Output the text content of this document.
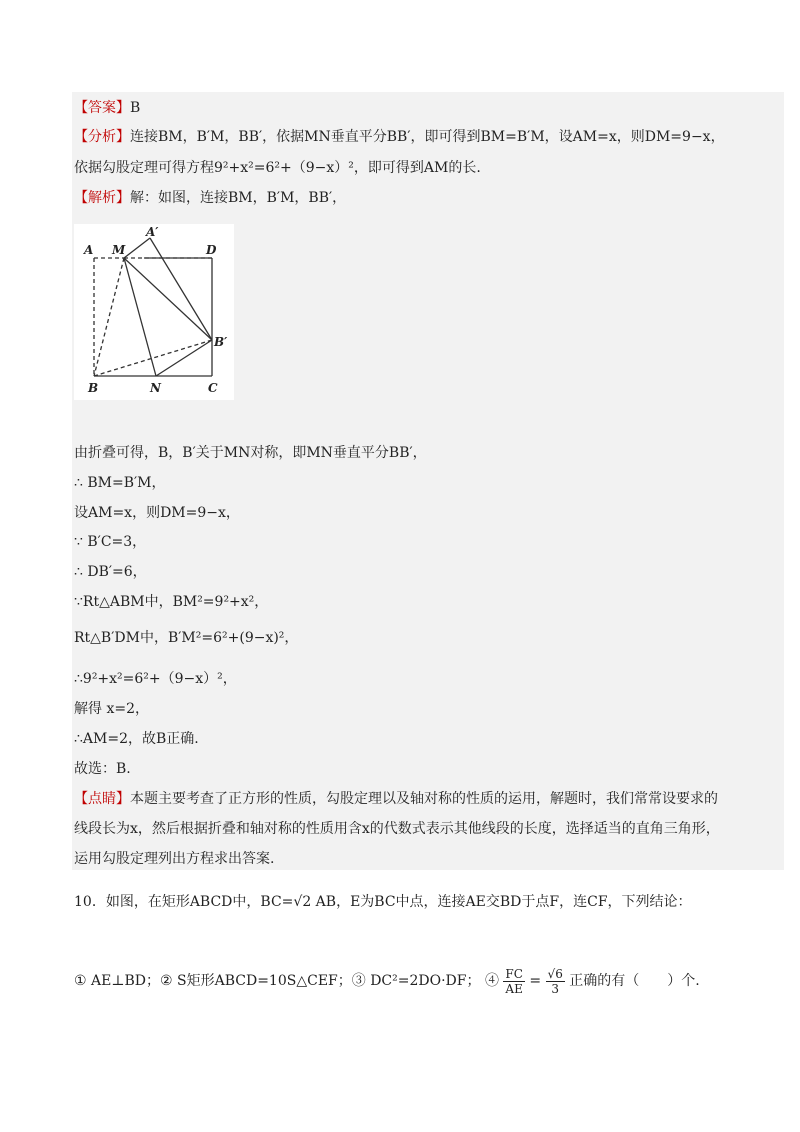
【答案】B
【分析】连接BM，B′M，BB′，依据MN垂直平分BB′，即可得到BM=B′M，设AM=x，则DM=9−x，
依据勾股定理可得方程9²+x²=6²+（9−x）²，即可得到AM的长.
【解析】解：如图，连接BM，B′M，BB′，
A M
A′
D
B′
B	N	C
由折叠可得，B，B′关于MN对称，即MN垂直平分BB′，
∴ BM=B′M，
设AM=x，则DM=9−x，
∵ B′C=3，
∴ DB′=6，
∵Rt△ABM中，BM²=9²+x²，
Rt△B′DM中，B′M²=6²+(9−x)²，
∴9²+x²=6²+（9−x）²，
解得 x=2，
∴AM=2，故B正确.
故选：B.
【点睛】本题主要考查了正方形的性质，勾股定理以及轴对称的性质的运用，解题时，我们常常设要求的
线段长为x，然后根据折叠和轴对称的性质用含x的代数式表示其他线段的长度，选择适当的直角三角形，
运用勾股定理列出方程求出答案.
10．如图，在矩形ABCD中，BC=√2 AB，E为BC中点，连接AE交BD于点F，连CF，下列结论：
① AE⊥BD；② S矩形ABCD=10S△CEF；③ DC²=2DO·DF； ④ $\frac{FC}{AE} = \frac{√6}{3}$ 正确的有（　　）个.
